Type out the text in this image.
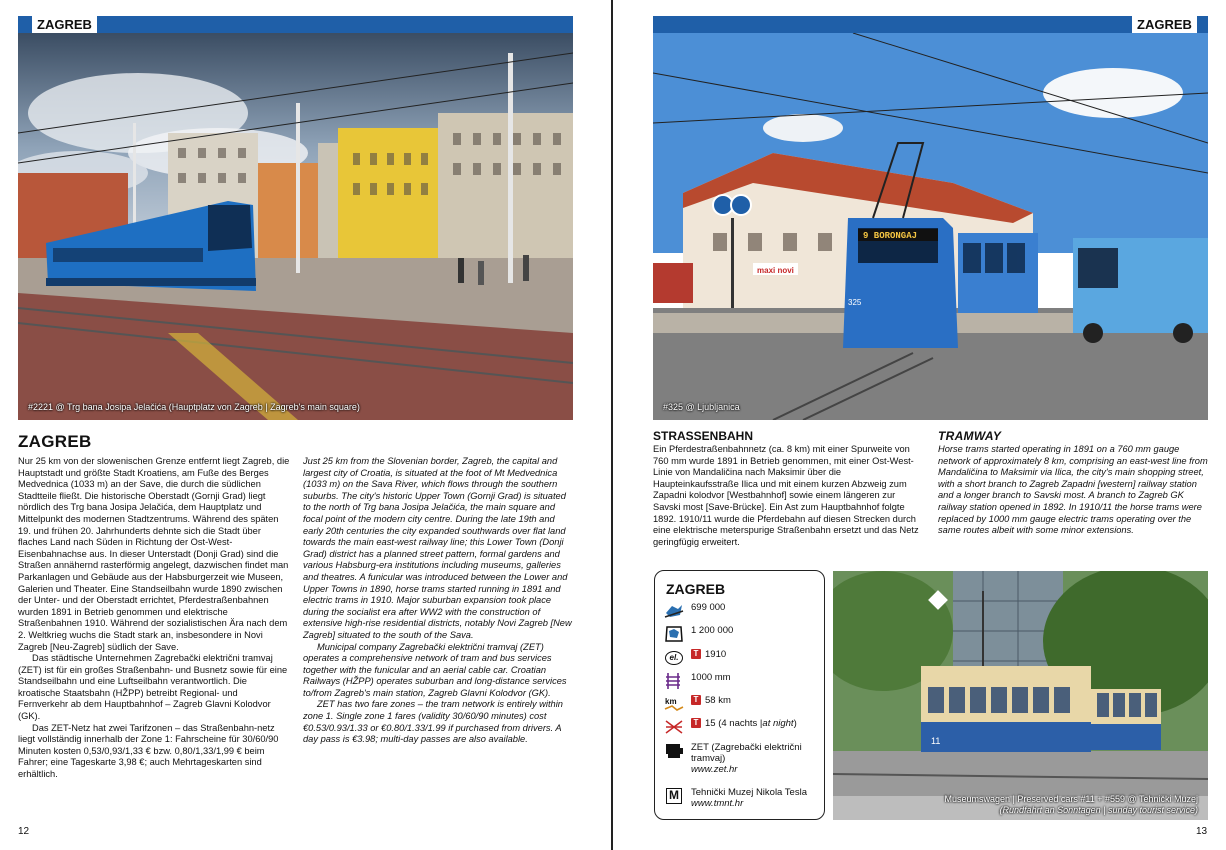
ZAGREB
#2221 @ Trg bana Josipa Jelačića (Hauptplatz von Zagreb | Zagreb's main square)
ZAGREB

Nur 25 km von der slowenischen Grenze entfernt liegt Zagreb, die Hauptstadt und größte Stadt Kroatiens, am Fuße des Berges Medvednica (1033 m) an der Save, die durch die südlichen Stadtteile fließt. Die historische Oberstadt (Gornji Grad) liegt nördlich des Trg bana Josipa Jelačića, dem Hauptplatz und Mittelpunkt des modernen Stadtzentrums. Während des späten 19. und frühen 20. Jahrhunderts dehnte sich die Stadt über flaches Land nach Süden in Richtung der Ost-West-Eisenbahnachse aus. In dieser Unterstadt (Donji Grad) sind die Straßen annähernd rasterförmig angelegt, dazwischen findet man Parkanlagen und Gebäude aus der Habsburgerzeit wie Museen, Galerien und Theater. Eine Standseilbahn wurde 1890 zwischen der Unter- und der Oberstadt errichtet, Pferdestraßenbahnen wurden 1891 in Betrieb genommen und elektrische Straßenbahnen 1910. Während der sozialistischen Ära nach dem 2. Weltkrieg wuchs die Stadt stark an, insbesondere in Novi Zagreb [Neu-Zagreb] südlich der Save.

Das städtische Unternehmen Zagrebački električni tramvaj (ZET) ist für ein großes Straßenbahn- und Busnetz sowie für eine Standseilbahn und eine Luftseilbahn verantwortlich. Die kroatische Staatsbahn (HŽPP) betreibt Regional- und Fernverkehr ab dem Hauptbahnhof – Zagreb Glavni Kolodvor (GK).

Das ZET-Netz hat zwei Tarifzonen – das Straßenbahn-netz liegt vollständig innerhalb der Zone 1: Fahrscheine für 30/60/90 Minuten kosten 0,53/0,93/1,33 € bzw. 0,80/1,33/1,99 € beim Fahrer; eine Tageskarte 3,98 €; auch Mehrtageskarten sind erhältlich.

Just 25 km from the Slovenian border, Zagreb, the capital and largest city of Croatia, is situated at the foot of Mt Medvednica (1033 m) on the Sava River, which flows through the southern suburbs. The city's historic Upper Town (Gornji Grad) is situated to the north of Trg bana Josipa Jelačića, the main square and focal point of the modern city centre. During the late 19th and early 20th centuries the city expanded southwards over flat land towards the main east-west railway line; this Lower Town (Donji Grad) district has a planned street pattern, formal gardens and various Habsburg-era institutions including museums, galleries and theatres. A funicular was introduced between the Lower and Upper Towns in 1890, horse trams started running in 1891 and electric trams in 1910. Major suburban expansion took place during the socialist era after WW2 with the construction of extensive high-rise residential districts, notably Novi Zagreb [New Zagreb] situated to the south of the Sava.

Municipal company Zagrebački električni tramvaj (ZET) operates a comprehensive network of tram and bus services together with the funicular and an aerial cable car. Croatian Railways (HŽPP) operates suburban and long-distance services to/from Zagreb's main station, Zagreb Glavni Kolodvor (GK).

ZET has two fare zones – the tram network is entirely within zone 1. Single zone 1 fares (validity 30/60/90 minutes) cost €0.53/0.93/1.33 or €0.80/1.33/1.99 if purchased from drivers. A day pass is €3.98; multi-day passes are also available.

12
ZAGREB
maxi novi
9 BORONGAJ
325
#325 @ Ljubljanica
STRASSENBAHN
Ein Pferdestraßenbahnnetz (ca. 8 km) mit einer Spurweite von 760 mm wurde 1891 in Betrieb genommen, mit einer Ost-West-Linie von Mandaličina nach Maksimir über die Haupteinkaufsstraße Ilica und mit einem kurzen Abzweig zum Zapadni kolodvor [Westbahnhof] sowie einem längeren zur Savski most [Save-Brücke]. Ein Ast zum Hauptbahnhof folgte 1892. 1910/11 wurde die Pferdebahn auf diesen Strecken durch eine elektrische meterspurige Straßenbahn ersetzt und das Netz geringfügig erweitert.
TRAMWAY
Horse trams started operating in 1891 on a 760 mm gauge network of approximately 8 km, comprising an east-west line from Mandaličina to Maksimir via Ilica, the city's main shopping street, with a short branch to Zagreb Zapadni [western] railway station and a longer branch to Savski most. A branch to Zagreb GK railway station opened in 1892. In 1910/11 the horse trams were replaced by 1000 mm gauge electric trams operating over the same routes albeit with some minor extensions.
ZAGREB
699 000
1 200 000
el.	T 1910
1000 mm
km	T 58 km
T 15
(4 nachts | at night )
ZET (Zagrebački električni tramvaj)
www.zet.hr
M	Tehnički Muzej Nikola Tesla
www.tmnt.hr
11
Museumswagen | Preserved cars #11 + #559 @ Tehnički Muzej
(Rundfahrt an Sonntagen | sunday tourist service)
13
